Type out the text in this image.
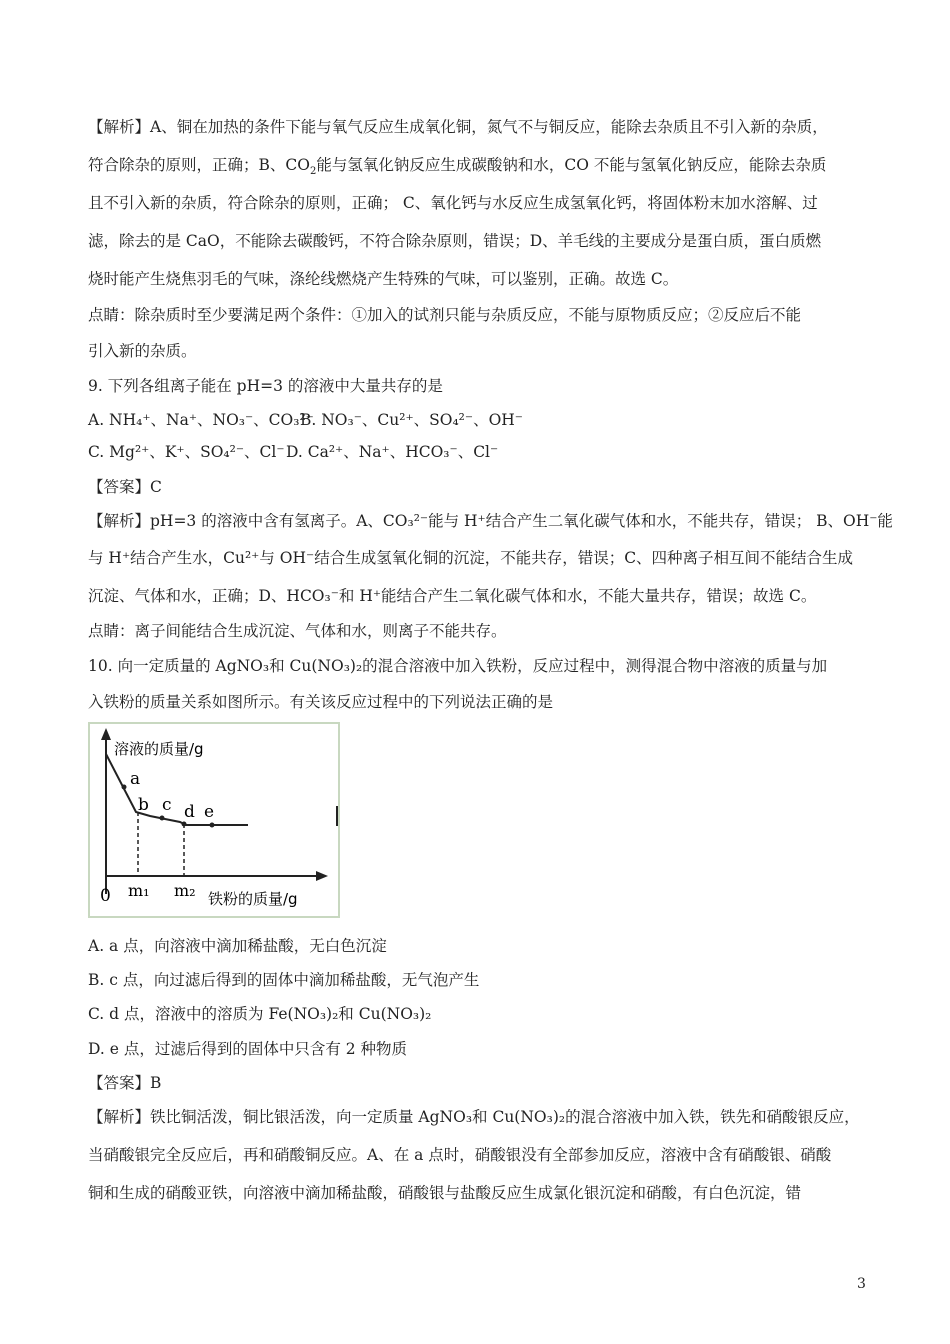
【解析】A、铜在加热的条件下能与氧气反应生成氧化铜，氮气不与铜反应，能除去杂质且不引入新的杂质，
符合除杂的原则，正确；B、$CO_2$能与氢氧化钠反应生成碳酸钠和水，CO 不能与氢氧化钠反应，能除去杂质
且不引入新的杂质，符合除杂的原则，正确； C、氧化钙与水反应生成氢氧化钙，将固体粉末加水溶解、过
滤，除去的是 CaO，不能除去碳酸钙，不符合除杂原则，错误；D、羊毛线的主要成分是蛋白质，蛋白质燃
烧时能产生烧焦羽毛的气味，涤纶线燃烧产生特殊的气味，可以鉴别，正确。故选 C。
点睛：除杂质时至少要满足两个条件：①加入的试剂只能与杂质反应，不能与原物质反应；②反应后不能
引入新的杂质。
9. 下列各组离子能在 pH=3 的溶液中大量共存的是
A. NH₄⁺、Na⁺、NO₃⁻、CO₃²⁻
B. NO₃⁻、Cu²⁺、SO₄²⁻、OH⁻
C. Mg²⁺、K⁺、SO₄²⁻、Cl⁻ D. Ca²⁺、Na⁺、HCO₃⁻、Cl⁻
【答案】C
【解析】pH=3 的溶液中含有氢离子。A、CO₃²⁻能与 H⁺结合产生二氧化碳气体和水，不能共存，错误； B、OH⁻能
与 H⁺结合产生水，Cu²⁺与 OH⁻结合生成氢氧化铜的沉淀，不能共存，错误；C、四种离子相互间不能结合生成
沉淀、气体和水，正确；D、HCO₃⁻和 H⁺能结合产生二氧化碳气体和水，不能大量共存，错误；故选 C。
点睛：离子间能结合生成沉淀、气体和水，则离子不能共存。
10. 向一定质量的 AgNO₃和 Cu(NO₃)₂的混合溶液中加入铁粉，反应过程中，测得混合物中溶液的质量与加
入铁粉的质量关系如图所示。有关该反应过程中的下列说法正确的是
溶液的质量/g
a
b c d e
0 m₁ m₂ 铁粉的质量/g
A. a 点，向溶液中滴加稀盐酸，无白色沉淀
B. c 点，向过滤后得到的固体中滴加稀盐酸，无气泡产生
C. d 点，溶液中的溶质为 Fe(NO₃)₂和 Cu(NO₃)₂
D. e 点，过滤后得到的固体中只含有 2 种物质
【答案】B
【解析】铁比铜活泼，铜比银活泼，向一定质量 AgNO₃和 Cu(NO₃)₂的混合溶液中加入铁，铁先和硝酸银反应，
当硝酸银完全反应后，再和硝酸铜反应。A、在 a 点时，硝酸银没有全部参加反应，溶液中含有硝酸银、硝酸
铜和生成的硝酸亚铁，向溶液中滴加稀盐酸，硝酸银与盐酸反应生成氯化银沉淀和硝酸，有白色沉淀，错
3
